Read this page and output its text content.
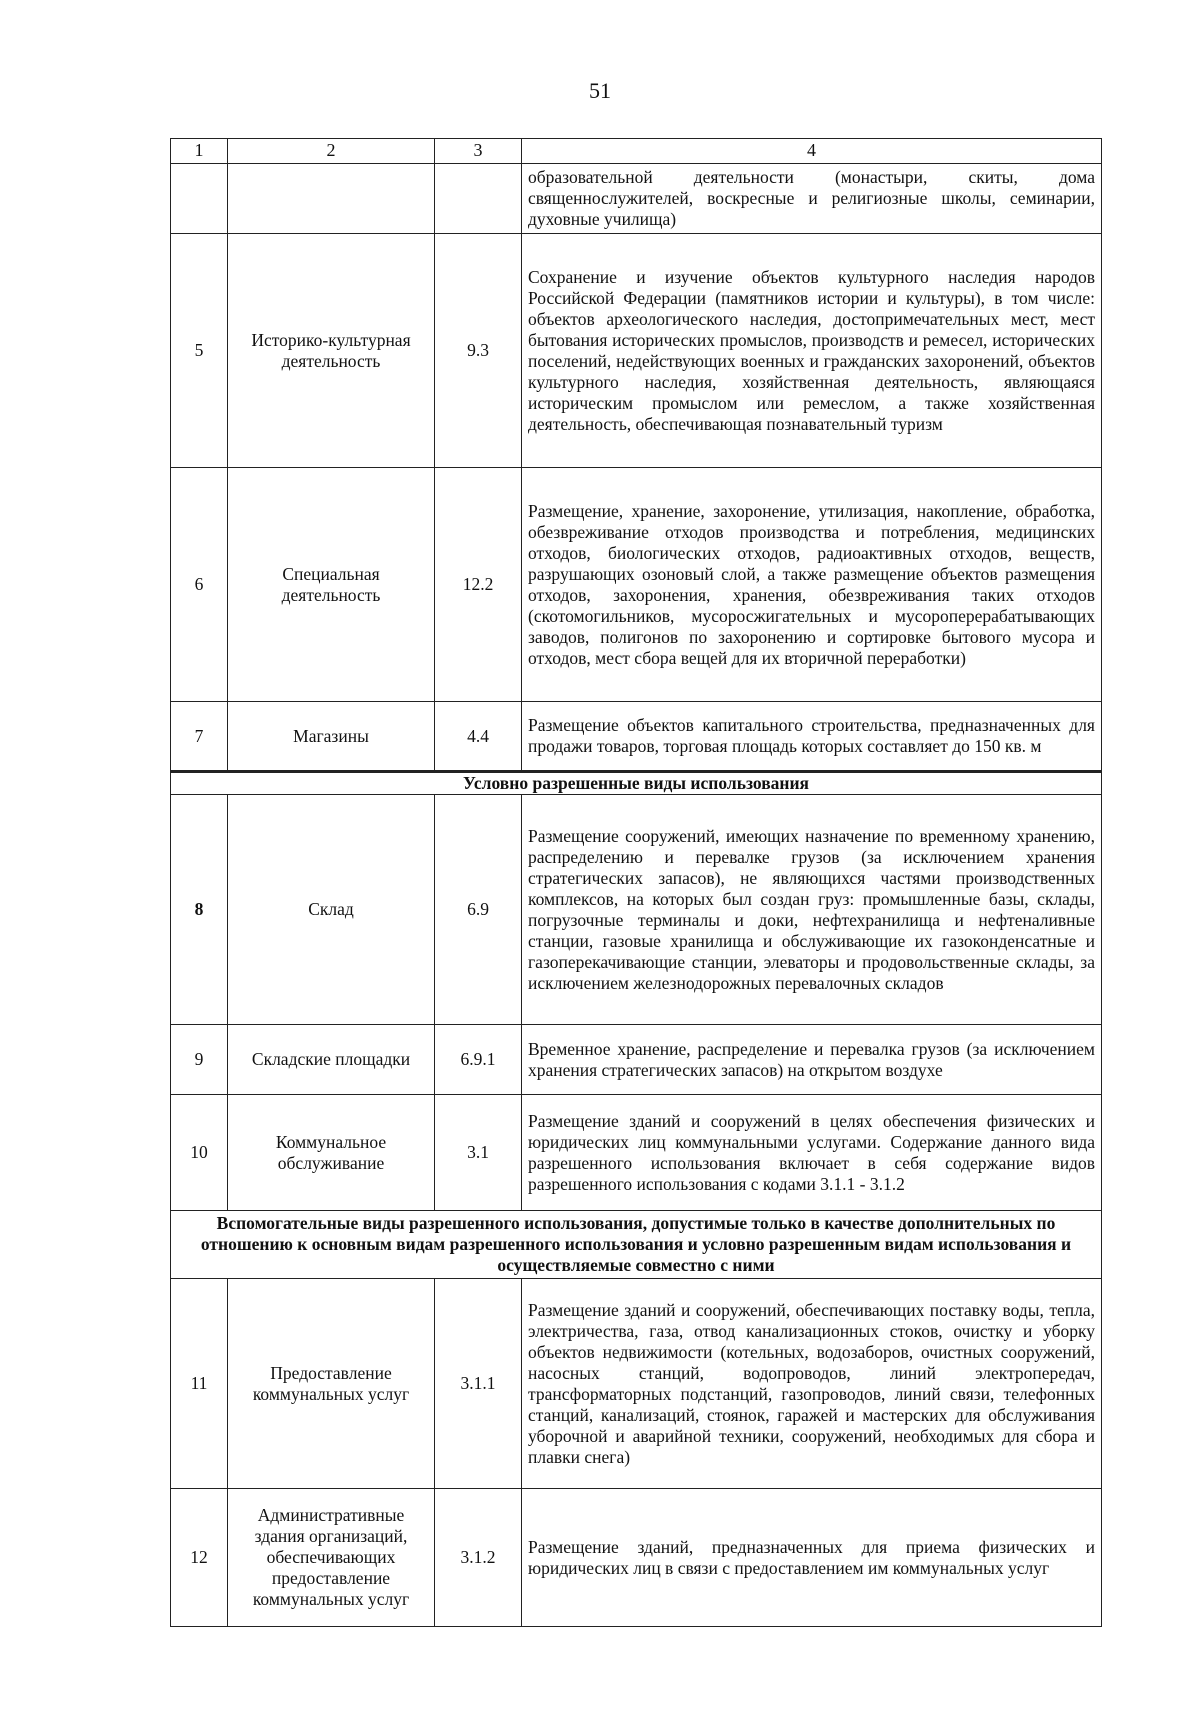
51
1	2	3	4
			образовательной деятельности (монастыри, скиты, дома священнослужителей, воскресные и религиозные школы, семинарии, духовные училища)
5	Историко-культурная деятельность	9.3	Сохранение и изучение объектов культурного наследия народов Российской Федерации (памятников истории и культуры), в том числе: объектов археологического наследия, достопримечательных мест, мест бытования исторических промыслов, производств и ремесел, исторических поселений, недействующих военных и гражданских захоронений, объектов культурного наследия, хозяйственная деятельность, являющаяся историческим промыслом или ремеслом, а также хозяйственная деятельность, обеспечивающая познавательный туризм
6	Специальная деятельность	12.2	Размещение, хранение, захоронение, утилизация, накопление, обработка, обезвреживание отходов производства и потребления, медицинских отходов, биологических отходов, радиоактивных отходов, веществ, разрушающих озоновый слой, а также размещение объектов размещения отходов, захоронения, хранения, обезвреживания таких отходов (скотомогильников, мусоросжигательных и мусороперерабатывающих заводов, полигонов по захоронению и сортировке бытового мусора и отходов, мест сбора вещей для их вторичной переработки)
7	Магазины	4.4	Размещение объектов капитального строительства, предназначенных для продажи товаров, торговая площадь которых составляет до 150 кв. м
Условно разрешенные виды использования			
8	Склад	6.9	Размещение сооружений, имеющих назначение по временному хранению, распределению и перевалке грузов (за исключением хранения стратегических запасов), не являющихся частями производственных комплексов, на которых был создан груз: промышленные базы, склады, погрузочные терминалы и доки, нефтехранилища и нефтеналивные станции, газовые хранилища и обслуживающие их газоконденсатные и газоперекачивающие станции, элеваторы и продовольственные склады, за исключением железнодорожных перевалочных складов
9	Складские площадки	6.9.1	Временное хранение, распределение и перевалка грузов (за исключением хранения стратегических запасов) на открытом воздухе
10	Коммунальное обслуживание	3.1	Размещение зданий и сооружений в целях обеспечения физических и юридических лиц коммунальными услугами. Содержание данного вида разрешенного использования включает в себя содержание видов разрешенного использования с кодами 3.1.1 - 3.1.2
Вспомогательные виды разрешенного использования, допустимые только в качестве дополнительных по отношению к основным видам разрешенного использования и условно разрешенным видам использования и осуществляемые совместно с ними			
11	Предоставление коммунальных услуг	3.1.1	Размещение зданий и сооружений, обеспечивающих поставку воды, тепла, электричества, газа, отвод канализационных стоков, очистку и уборку объектов недвижимости (котельных, водозаборов, очистных сооружений, насосных станций, водопроводов, линий электропередач, трансформаторных подстанций, газопроводов, линий связи, телефонных станций, канализаций, стоянок, гаражей и мастерских для обслуживания уборочной и аварийной техники, сооружений, необходимых для сбора и плавки снега)
12	Административные здания организаций, обеспечивающих предоставление коммунальных услуг	3.1.2	Размещение зданий, предназначенных для приема физических и юридических лиц в связи с предоставлением им коммунальных услуг
